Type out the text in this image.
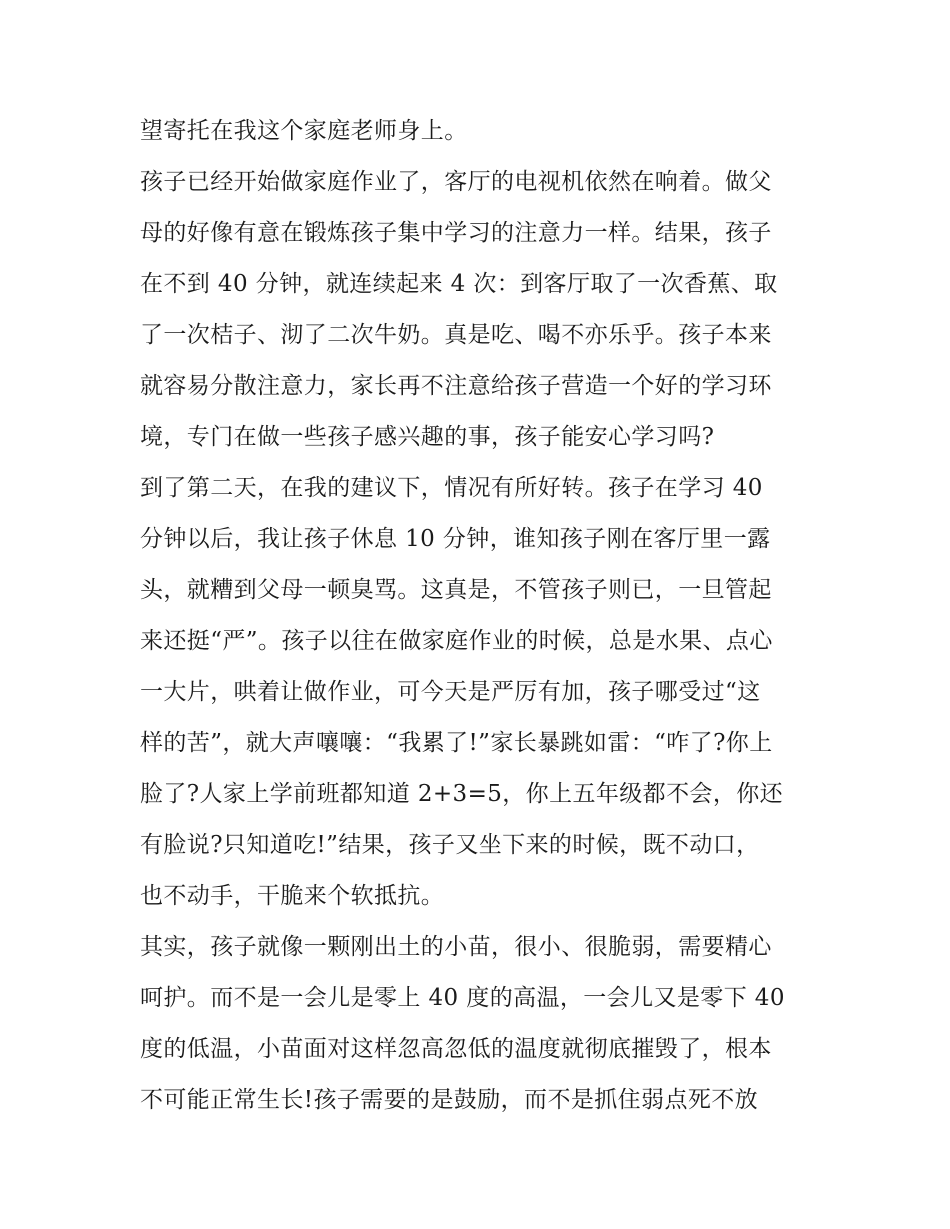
望寄托在我这个家庭老师身上。
孩子已经开始做家庭作业了，客厅的电视机依然在响着。做父
母的好像有意在锻炼孩子集中学习的注意力一样。结果，孩子
在不到 40 分钟，就连续起来 4 次：到客厅取了一次香蕉、取
了一次桔子、沏了二次牛奶。真是吃、喝不亦乐乎。孩子本来
就容易分散注意力，家长再不注意给孩子营造一个好的学习环
境，专门在做一些孩子感兴趣的事，孩子能安心学习吗?
到了第二天，在我的建议下，情况有所好转。孩子在学习 40
分钟以后，我让孩子休息 10 分钟，谁知孩子刚在客厅里一露
头，就糟到父母一顿臭骂。这真是，不管孩子则已，一旦管起
来还挺“严”。孩子以往在做家庭作业的时候，总是水果、点心
一大片，哄着让做作业，可今天是严厉有加，孩子哪受过“这
样的苦”，就大声嚷嚷：“我累了!”家长暴跳如雷：“咋了?你上
脸了?人家上学前班都知道 2+3=5，你上五年级都不会，你还
有脸说?只知道吃!”结果，孩子又坐下来的时候，既不动口，
也不动手，干脆来个软抵抗。
其实，孩子就像一颗刚出土的小苗，很小、很脆弱，需要精心
呵护。而不是一会儿是零上 40 度的高温，一会儿又是零下 40
度的低温，小苗面对这样忽高忽低的温度就彻底摧毁了，根本
不可能正常生长!孩子需要的是鼓励，而不是抓住弱点死不放
